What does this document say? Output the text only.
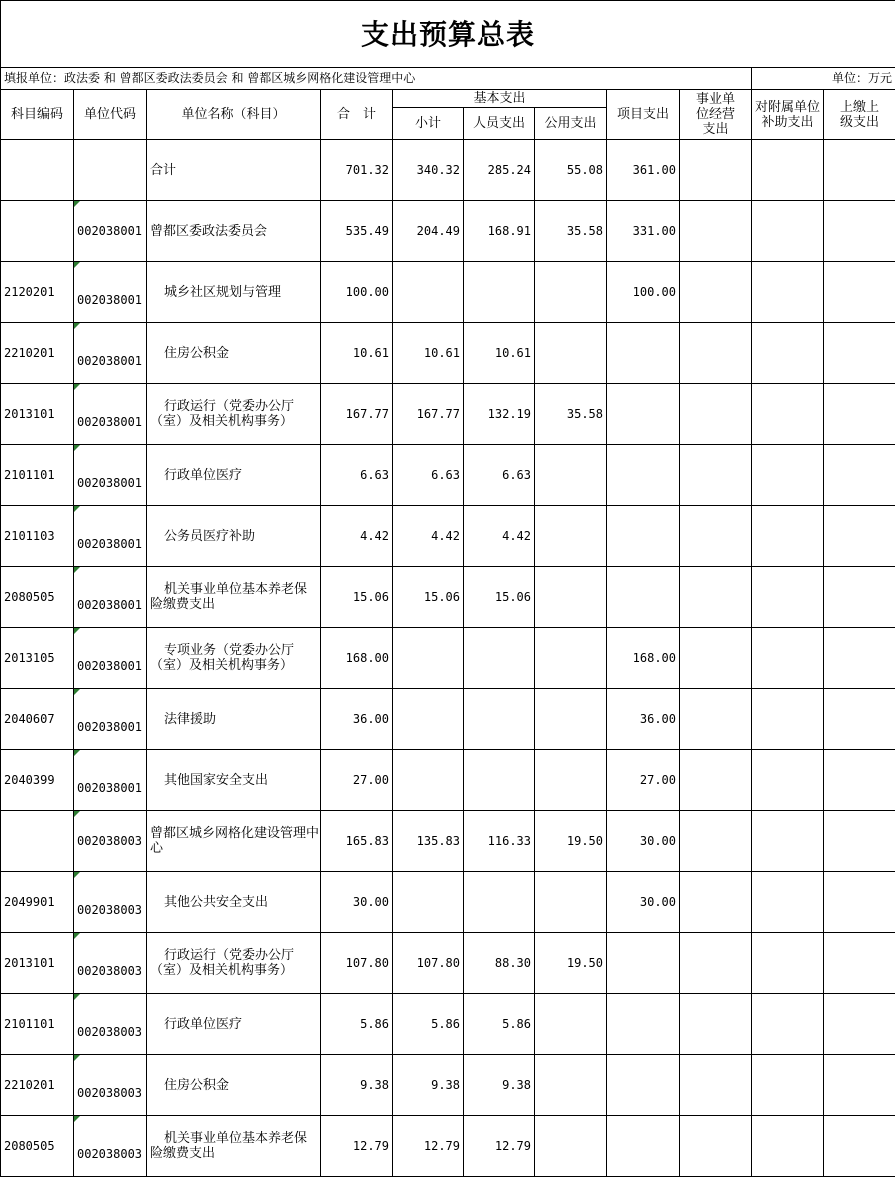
支出预算总表										
填报单位：政法委 和 曾都区委政法委员会 和 曾都区城乡网格化建设管理中心									单位：万元	
科目编码	单位代码	单位名称（科目）	合　计	基本支出			项目支出	事业单位经营支出	对附属单位补助支出	上缴上级支出
				小计	人员支出	公用支出				
		合计	701.32	340.32	285.24	55.08	361.00			
	002038001	曾都区委政法委员会	535.49	204.49	168.91	35.58	331.00			
2120201	002038001	城乡社区规划与管理	100.00				100.00			
2210201	002038001	住房公积金	10.61	10.61	10.61					
2013101	002038001	行政运行（党委办公厅（室）及相关机构事务）	167.77	167.77	132.19	35.58				
2101101	002038001	行政单位医疗	6.63	6.63	6.63					
2101103	002038001	公务员医疗补助	4.42	4.42	4.42					
2080505	002038001	机关事业单位基本养老保险缴费支出	15.06	15.06	15.06					
2013105	002038001	专项业务（党委办公厅（室）及相关机构事务）	168.00				168.00			
2040607	002038001	法律援助	36.00				36.00			
2040399	002038001	其他国家安全支出	27.00				27.00			
	002038003	曾都区城乡网格化建设管理中心	165.83	135.83	116.33	19.50	30.00			
2049901	002038003	其他公共安全支出	30.00				30.00			
2013101	002038003	行政运行（党委办公厅（室）及相关机构事务）	107.80	107.80	88.30	19.50				
2101101	002038003	行政单位医疗	5.86	5.86	5.86					
2210201	002038003	住房公积金	9.38	9.38	9.38					
2080505	002038003	机关事业单位基本养老保险缴费支出	12.79	12.79	12.79					
